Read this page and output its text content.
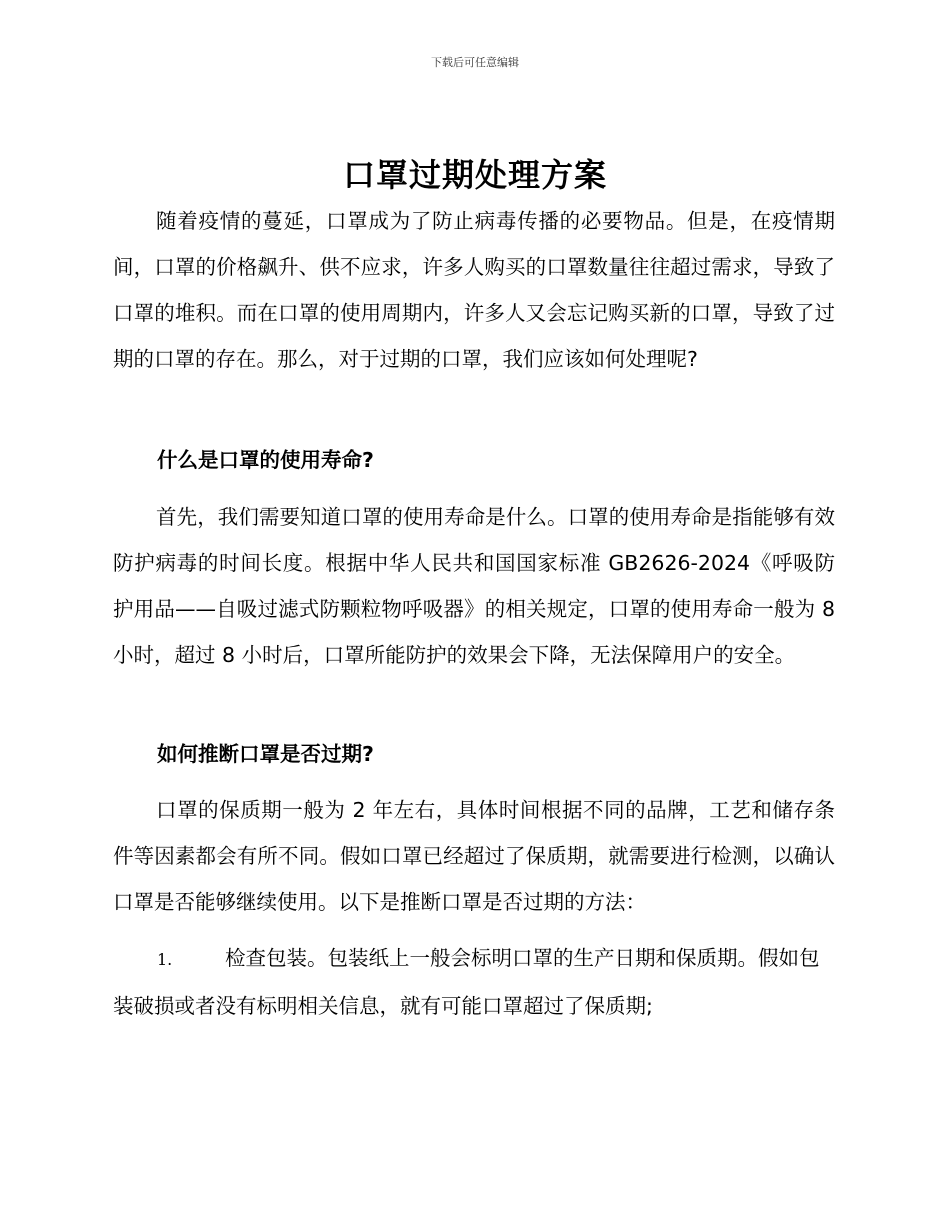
下载后可任意编辑
口罩过期处理方案

随着疫情的蔓延，口罩成为了防止病毒传播的必要物品。但是，在疫情期间，口罩的价格飙升、供不应求，许多人购买的口罩数量往往超过需求，导致了口罩的堆积。而在口罩的使用周期内，许多人又会忘记购买新的口罩，导致了过期的口罩的存在。那么，对于过期的口罩，我们应该如何处理呢?

什么是口罩的使用寿命?

首先，我们需要知道口罩的使用寿命是什么。口罩的使用寿命是指能够有效防护病毒的时间长度。根据中华人民共和国国家标准 GB2626-2024《呼吸防护用品——自吸过滤式防颗粒物呼吸器》的相关规定，口罩的使用寿命一般为 8 小时，超过 8 小时后，口罩所能防护的效果会下降，无法保障用户的安全。

如何推断口罩是否过期?

口罩的保质期一般为 2 年左右，具体时间根据不同的品牌，工艺和储存条件等因素都会有所不同。假如口罩已经超过了保质期，就需要进行检测，以确认口罩是否能够继续使用。以下是推断口罩是否过期的方法：

1.	检查包装。包装纸上一般会标明口罩的生产日期和保质期。假如包装破损或者没有标明相关信息，就有可能口罩超过了保质期;
